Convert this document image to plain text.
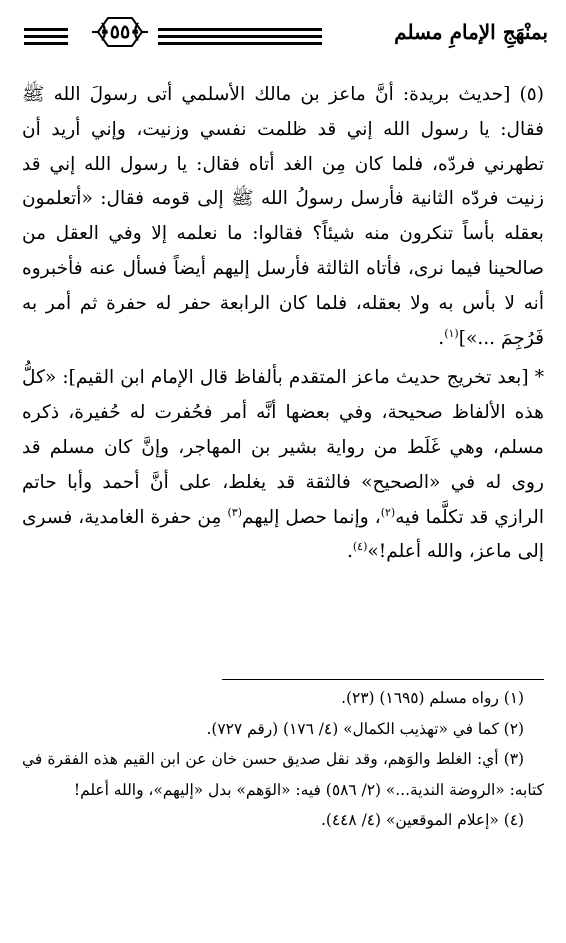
بمنْهَجِ الإمامِ مسلم
﴿٥٥﴾

(٥) [حديث بريدة: أنَّ ماعز بن مالك الأسلمي أتى رسولَ الله ﷺ فقال: يا رسول الله إني قد ظلمت نفسي وزنيت، وإني أريد أن تطهرني فردّه، فلما كان مِن الغد أتاه فقال: يا رسول الله إني قد زنيت فردّه الثانية فأرسل رسولُ الله ﷺ إلى قومه فقال: «أتعلمون بعقله بأساً تنكرون منه شيئاً؟ فقالوا: ما نعلمه إلا وفي العقل من صالحينا فيما نرى، فأتاه الثالثة فأرسل إليهم أيضاً فسأل عنه فأخبروه أنه لا بأس به ولا بعقله، فلما كان الرابعة حفر له حفرة ثم أمر به فَرُجِمَ ...»]$^{(١)}$.

* [بعد تخريج حديث ماعز المتقدم بألفاظ قال الإمام ابن القيم]: «كلُّ هذه الألفاظ صحيحة، وفي بعضها أنَّه أمر فحُفرت له حُفيرة، ذكره مسلم، وهي غَلَط من رواية بشير بن المهاجر، وإنَّ كان مسلم قد روى له في «الصحيح» فالثقة قد يغلط، على أنَّ أحمد وأبا حاتم الرازي قد تكلَّما فيه$^{(٢)}$، وإنما حصل إليهم$^{(٣)}$ مِن حفرة الغامدية، فسرى إلى ماعز، والله أعلم!»$^{(٤)}$.

(١) رواه مسلم (١٦٩٥) (٢٣).

(٢) كما في «تهذيب الكمال» (٤/ ١٧٦) (رقم ٧٢٧).

(٣) أي: الغلط والوَهم، وقد نقل صديق حسن خان عن ابن القيم هذه الفقرة في كتابه: «الروضة الندية...» (٢/ ٥٨٦) فيه: «الوَهم» بدل «إليهم»، والله أعلم!

(٤) «إعلام الموقعين» (٤/ ٤٤٨).
